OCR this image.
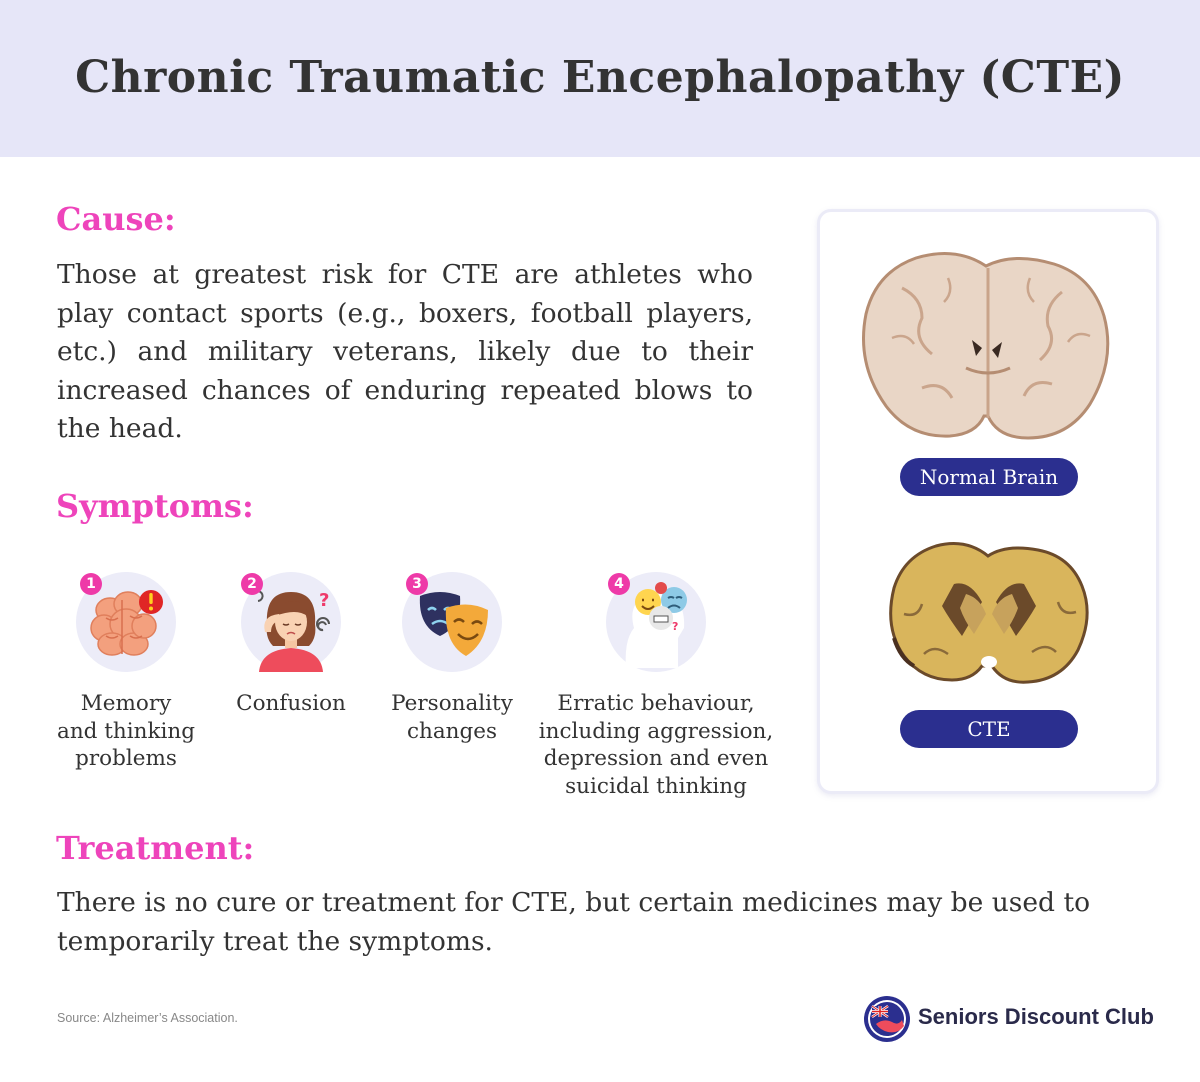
Chronic Traumatic Encephalopathy (CTE)
Cause:
Those at greatest risk for CTE are athletes who play contact sports (e.g., boxers, football players, etc.) and military veterans, likely due to their increased chances of enduring repeated blows to the head.
Symptoms:
1
Memory
and thinking
problems
?
2
Confusion
3
Personality
changes
?
4
Erratic behaviour,
including aggression,
depression and even
suicidal thinking
Treatment:
There is no cure or treatment for CTE, but certain medicines may be used to temporarily treat the symptoms.
Normal Brain
CTE
Source: Alzheimer’s Association.	Seniors Discount Club
